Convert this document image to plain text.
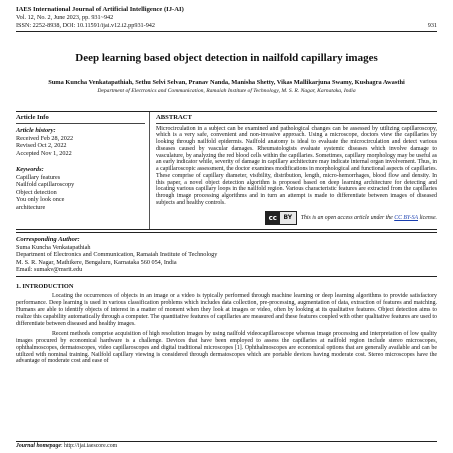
IAES International Journal of Artificial Intelligence (IJ-AI)
Vol. 12, No. 2, June 2023, pp. 931~942
ISSN: 2252-8938, DOI: 10.11591/ijai.v12.i2.pp931-942	931
Deep learning based object detection in nailfold capillary images
Suma Kuncha Venkatapathiah, Sethu Selvi Selvan, Pranav Nanda, Manisha Shetty, Vikas Mallikarjuna Swamy, Kushagra Awasthi
Department of Electronics and Communication, Ramaiah Institute of Technology, M. S. R. Nagar, Karnataka, India
Article Info
Article history:
Received Feb 28, 2022
Revised Oct 2, 2022
Accepted Nov 1, 2022
Keywords:
Capillary features
Nailfold capillaroscopy
Object detection
You only look once
architecture
ABSTRACT
Microcirculation in a subject can be examined and pathological changes can be assessed by utilizing capillaroscopy, which is a very safe, convenient and non-invasive approach. Using a microscope, doctors view the capillaries by looking through nailfold epidermis. Nailfold anatomy is ideal to evaluate the microcirculation and detect various diseases caused by vascular damages. Rheumatologists evaluate systemic diseases which involve damage to vasculature, by analyzing the red blood cells within the capillaries. Sometimes, capillary morphology may be useful as an early indicator while, severity of damage in capillary architecture may indicate internal organ involvement. Thus, in a capillaroscopic assessment, the doctor examines modifications in morphological and functional aspects of capillaries. These comprise of capillary diameter, visibility, distribution, length, micro-hemorrhages, blood flow and density. In this paper, a novel object detection algorithm is proposed based on deep learning architecture for detecting and locating various capillary loops in the nailfold region. Various characteristic features are extracted from the capillaries through image processing algorithms and in turn an attempt is made to differentiate between images of diseased subjects and healthy controls.
cc	BY	This is an open access article under the CC BY-SA license.
Corresponding Author:
Suma Kuncha Venkatapathiah
Department of Electronics and Communication, Ramaiah Institute of Technology
M. S. R. Nagar, Mathikere, Bengaluru, Karnataka 560 054, India
Email: sumakv@msrit.edu
1. INTRODUCTION
Locating the occurrences of objects in an image or a video is typically performed through machine learning or deep learning algorithms to provide satisfactory performance. Deep learning is used in various classification problems which includes data collection, pre-processing, augmentation of data, extraction of features and matching. Humans are able to identify objects of interest in a matter of moment when they look at images or video, often by looking at its qualitative features. Object detection aims to realize this capability automatically through a computer. The quantitative features of capillaries are measured and these features coupled with other qualitative features are used to differentiate between diseased and healthy images.
Recent methods comprise acquisition of high resolution images by using nailfold videocapillaroscope whereas image processing and interpretation of low quality images procured by economical hardware is a challenge. Devices that have been employed to assess the capillaries at nailfold region include stereo microscopes, ophthalmoscopes, dermatoscopes, video capillaroscopes and digital traditional microscopes [1]. Ophthalmoscopes are economical options that are generally available and can be utilized with nominal training. Nailfold capillary viewing is considered through dermatoscopes which are portable devices having moderate cost. Stereo microscopes have the advantage of moderate cost and ease of
Journal homepage: http://ijai.iaescore.com
